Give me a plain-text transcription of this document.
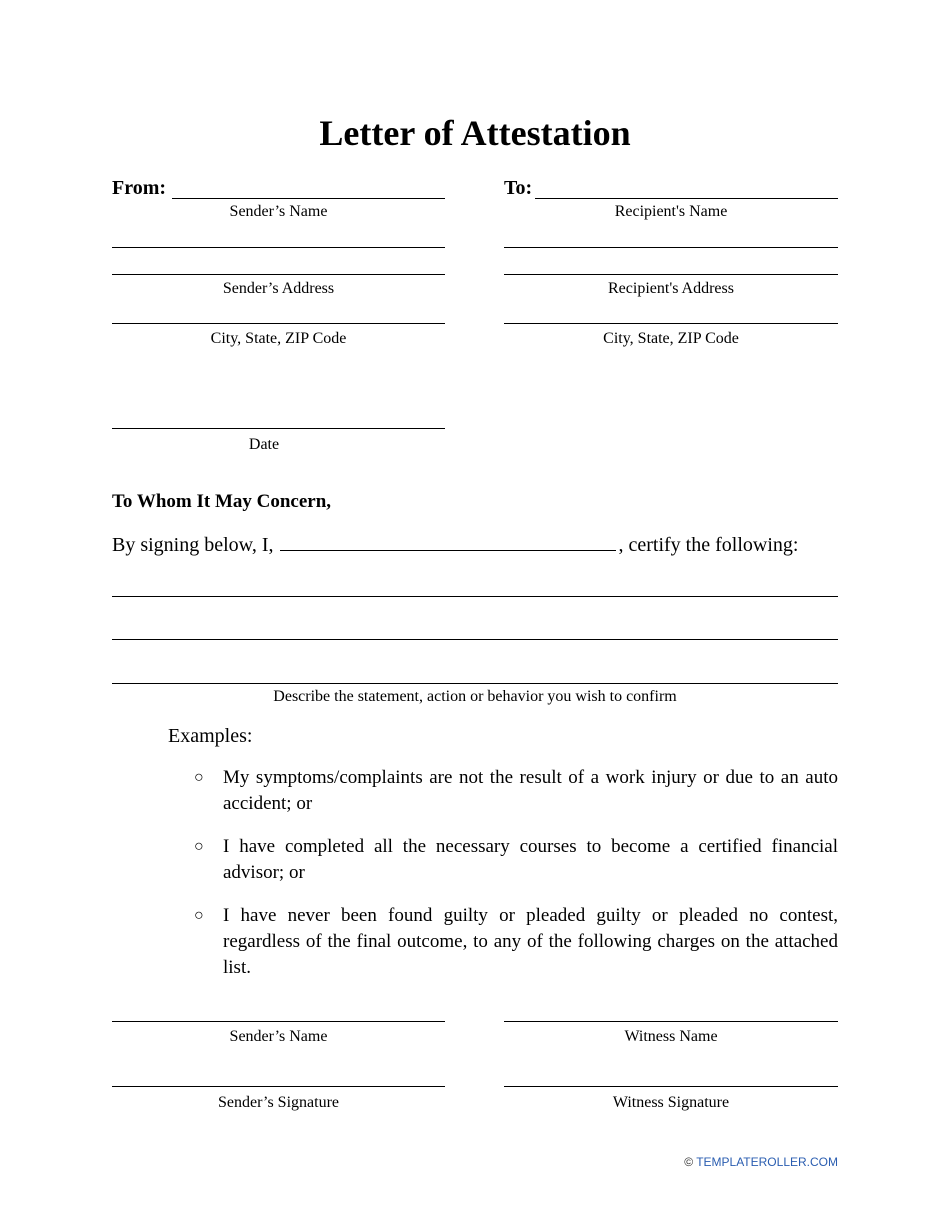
Letter of Attestation
From:
Sender’s Name
To:
Recipient's Name
Sender’s Address	Recipient's Address
City, State, ZIP Code	City, State, ZIP Code
Date
To Whom It May Concern,
By signing below, I,	, certify the following:
Describe the statement, action or behavior you wish to confirm
Examples:
○ My symptoms/complaints are not the result of a work injury or due to an auto accident; or
○ I have completed all the necessary courses to become a certified financial advisor; or
○ I have never been found guilty or pleaded guilty or pleaded no contest, regardless of the final outcome, to any of the following charges on the attached list.
Sender’s Name	Witness Name
Sender’s Signature	Witness Signature
© TEMPLATEROLLER.COM
